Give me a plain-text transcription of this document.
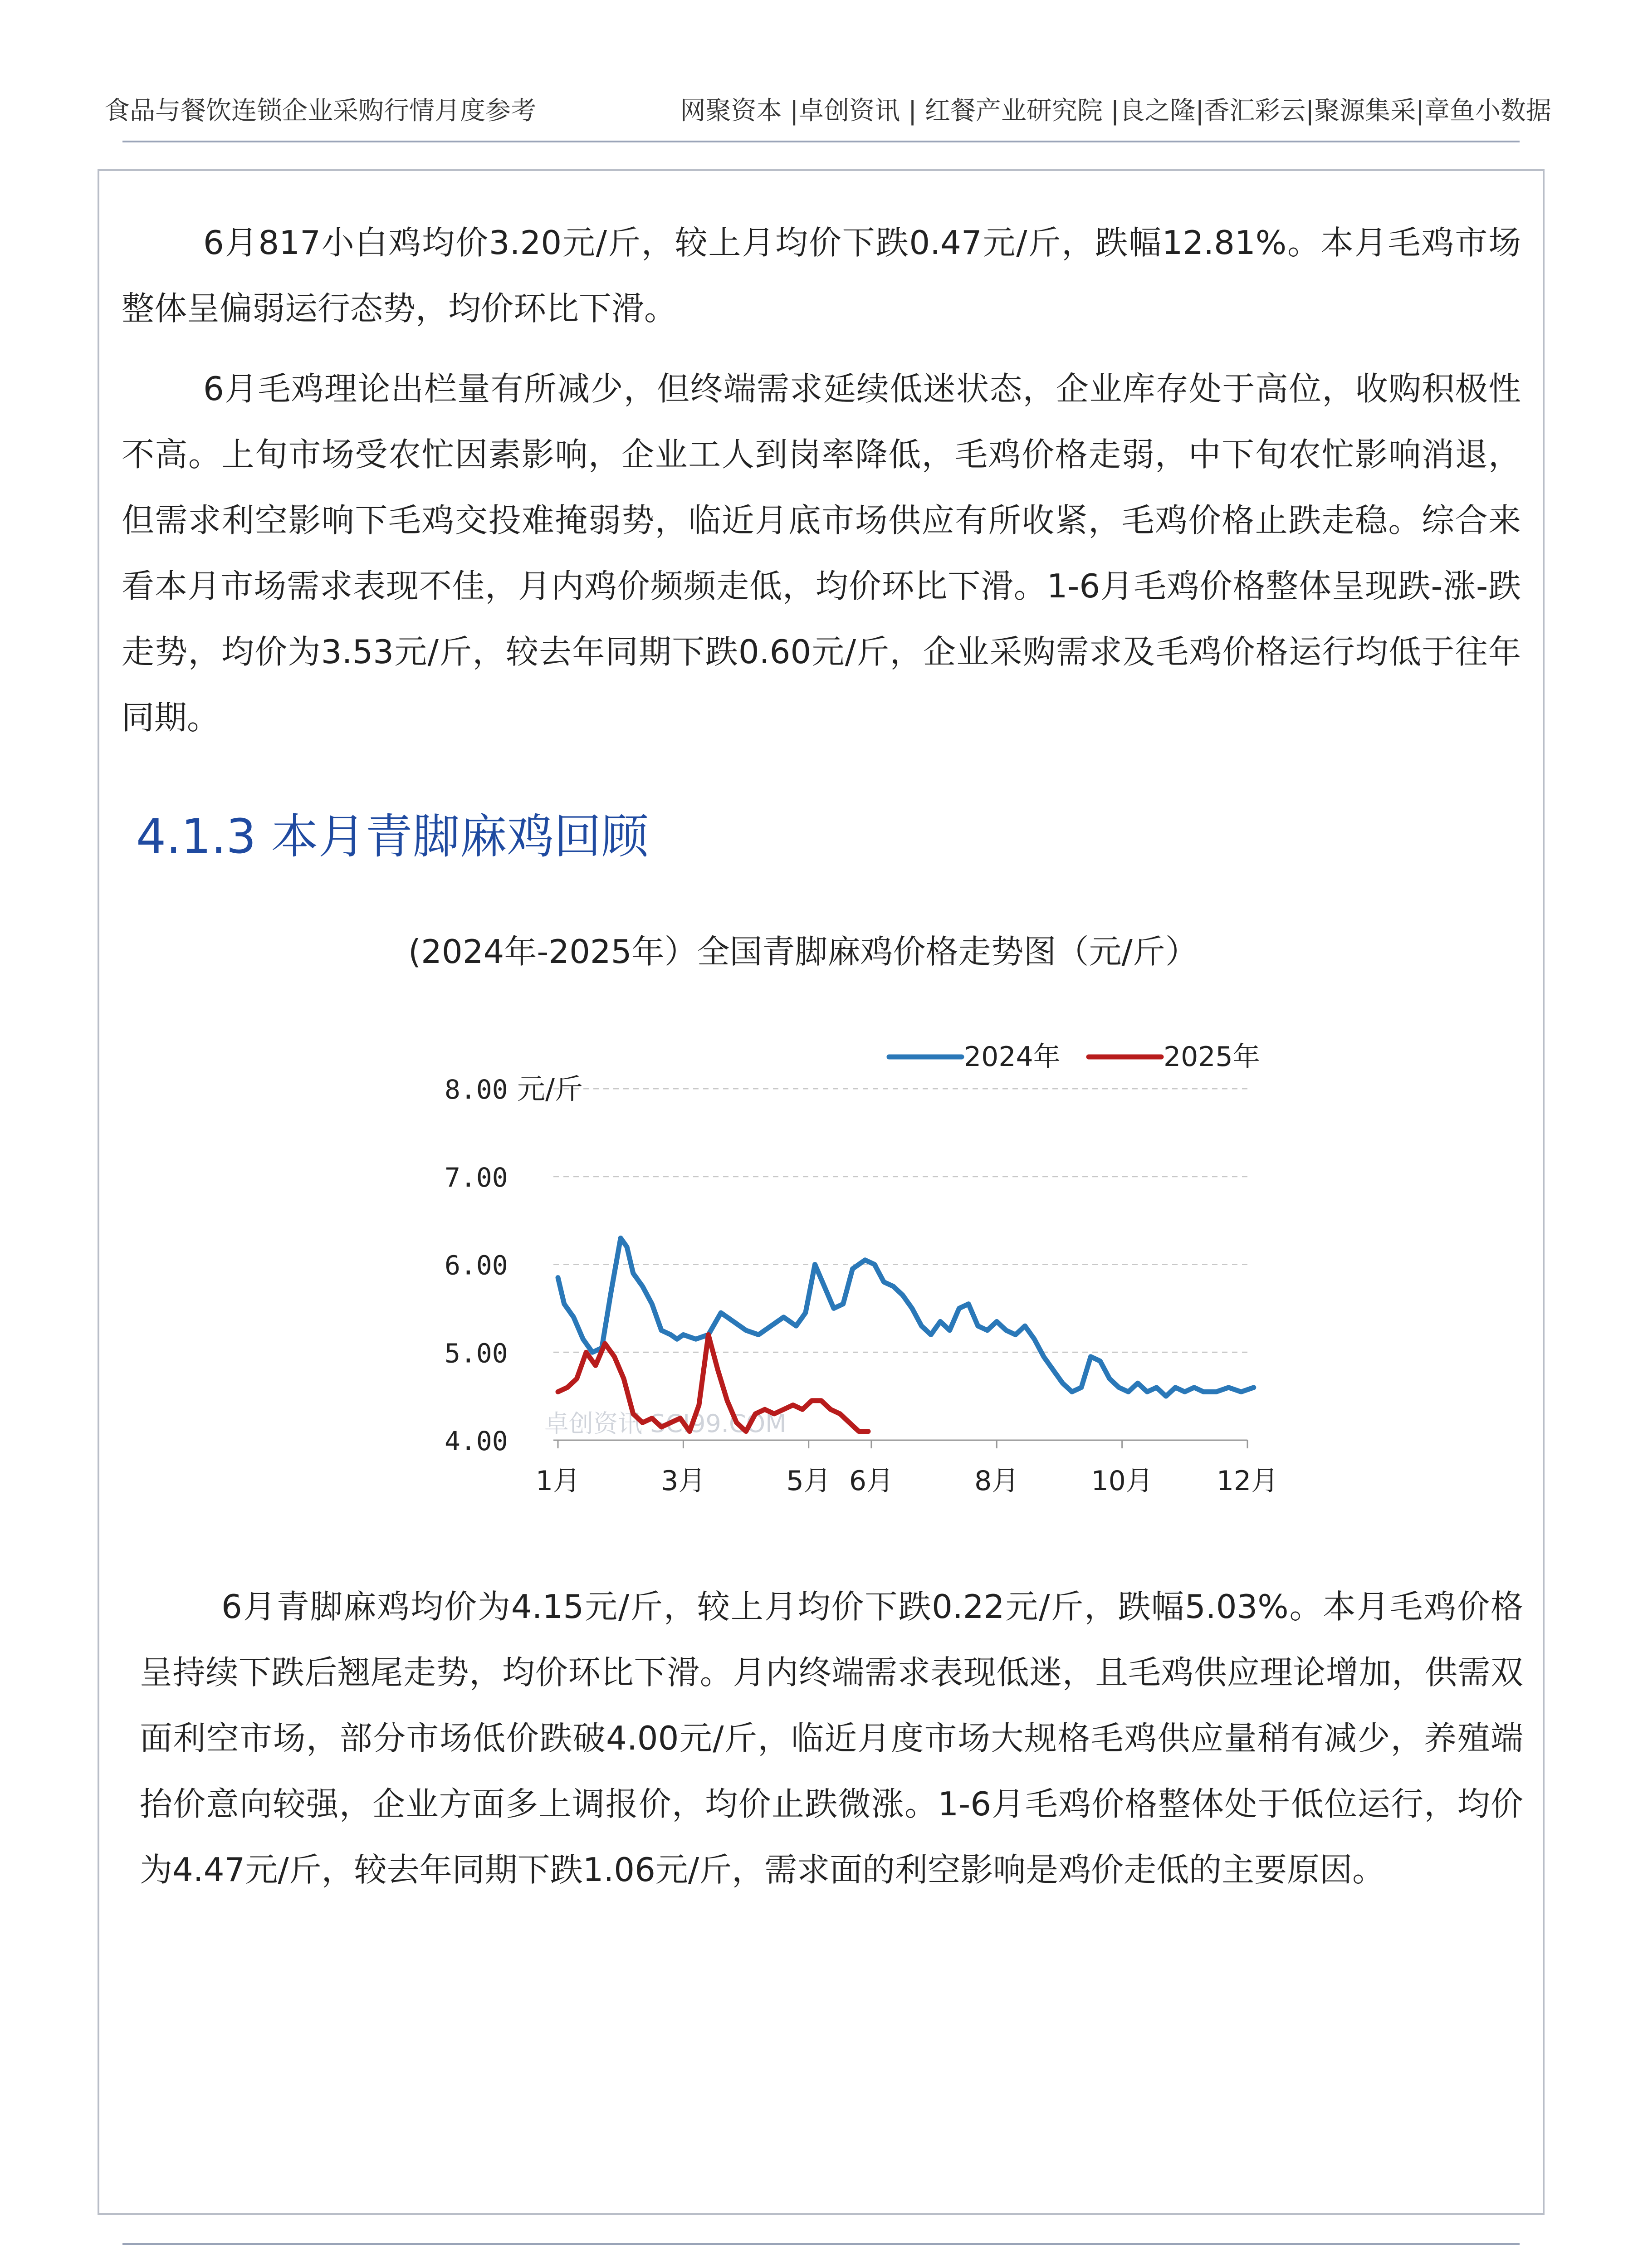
食品与餐饮连锁企业采购行情月度参考	网聚资本 |卓创资讯 | 红餐产业研究院 |良之隆|香汇彩云|聚源集采|章鱼小数据

6月817小白鸡均价3.20元/斤，较上月均价下跌0.47元/斤，跌幅12.81%。本月毛鸡市场整体呈偏弱运行态势，均价环比下滑。

6月毛鸡理论出栏量有所减少，但终端需求延续低迷状态，企业库存处于高位，收购积极性不高。上旬市场受农忙因素影响，企业工人到岗率降低，毛鸡价格走弱，中下旬农忙影响消退，但需求利空影响下毛鸡交投难掩弱势，临近月底市场供应有所收紧，毛鸡价格止跌走稳。综合来看本月市场需求表现不佳，月内鸡价频频走低，均价环比下滑。1-6月毛鸡价格整体呈现跌-涨-跌走势，均价为3.53元/斤，较去年同期下跌0.60元/斤，企业采购需求及毛鸡价格运行均低于往年同期。

4.1.3 本月青脚麻鸡回顾
(2024年-2025年）全国青脚麻鸡价格走势图（元/斤）
8.00
7.00
6.00
5.00
4.00
元/斤
1月	3月	5月 6月	8月	10月 12月
卓创资讯 SCI99.COM
2024年	2025年
6月青脚麻鸡均价为4.15元/斤，较上月均价下跌0.22元/斤，跌幅5.03%。本月毛鸡价格呈持续下跌后翘尾走势，均价环比下滑。月内终端需求表现低迷，且毛鸡供应理论增加，供需双面利空市场，部分市场低价跌破4.00元/斤，临近月度市场大规格毛鸡供应量稍有减少，养殖端抬价意向较强，企业方面多上调报价，均价止跌微涨。1-6月毛鸡价格整体处于低位运行，均价为4.47元/斤，较去年同期下跌1.06元/斤，需求面的利空影响是鸡价走低的主要原因。
